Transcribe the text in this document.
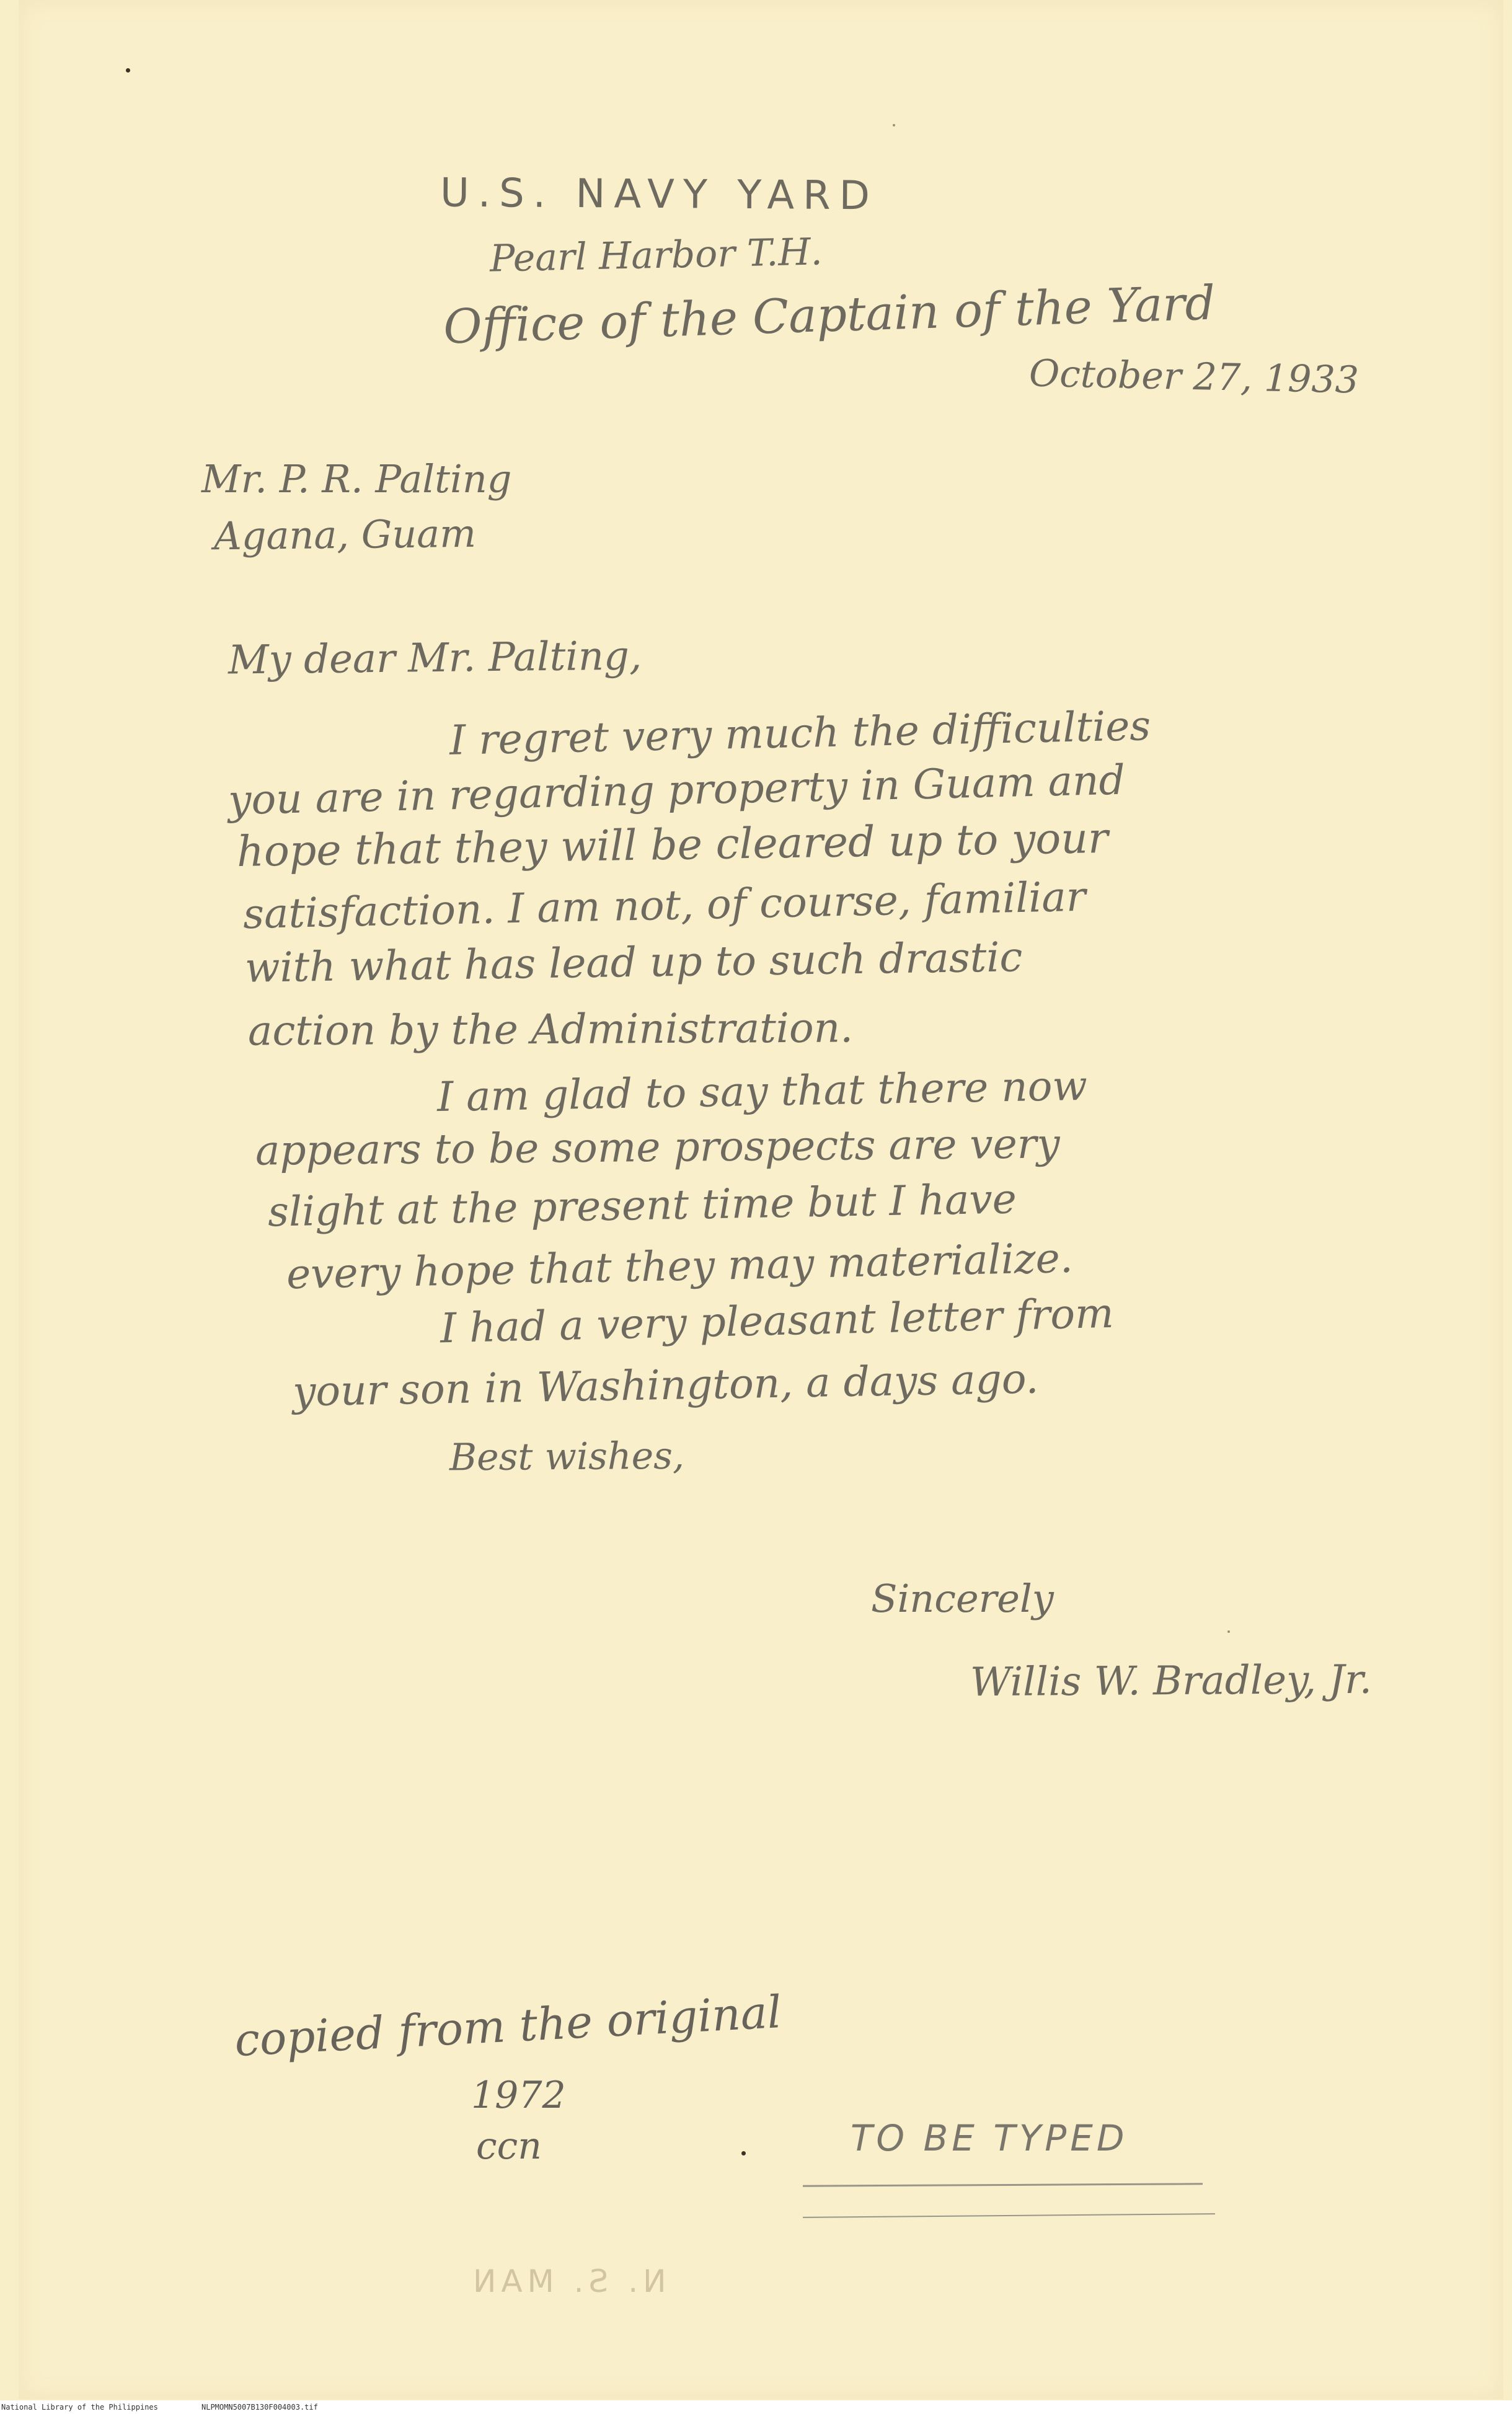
U.S. NAVY YARD

Pearl Harbor T.H.

Office of the Captain of the Yard

October 27, 1933

Mr. P. R. Palting

Agana, Guam

My dear Mr. Palting,

I regret very much the difficulties

you are in regarding property in Guam and

hope that they will be cleared up to your

satisfaction. I am not, of course, familiar

with what has lead up to such drastic

action by the Administration.

I am glad to say that there now

appears to be some prospects are very

slight at the present time but I have

every hope that they may materialize.

I had a very pleasant letter from

your son in Washington, a days ago.

Best wishes,

Sincerely

Willis W. Bradley, Jr.

copied from the original

1972

ccn	TO BE TYPED

N. S. MAN

National Library of the Philippines	NLPMOMN5007B130F004003.tif
